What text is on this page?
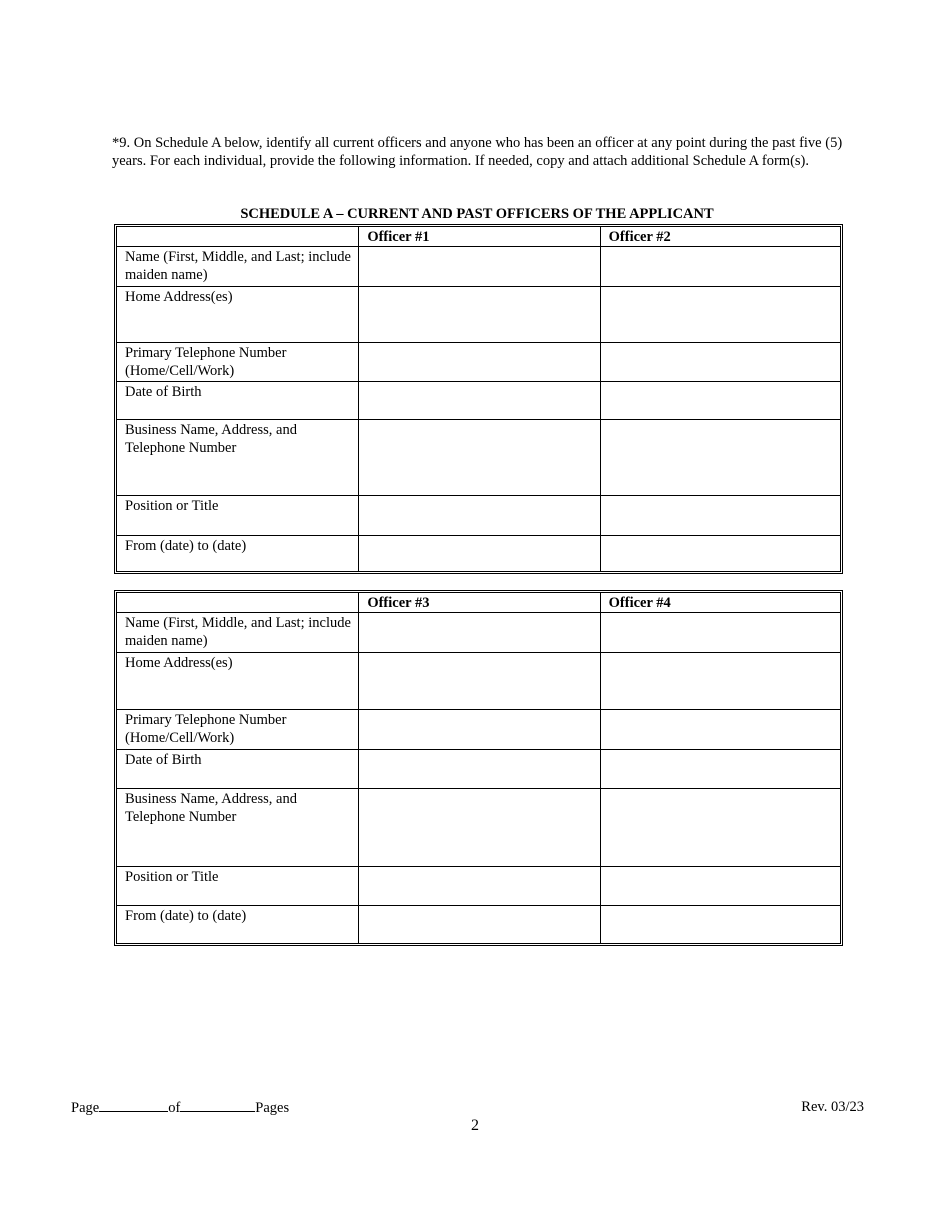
*9. On Schedule A below, identify all current officers and anyone who has been an officer at any point during the past five (5) years. For each individual, provide the following information. If needed, copy and attach additional Schedule A form(s).

SCHEDULE A – CURRENT AND PAST OFFICERS OF THE APPLICANT

	Officer #1	Officer #2
Name (First, Middle, and Last; include maiden name)		
Home Address(es)		
Primary Telephone Number (Home/Cell/Work)		
Date of Birth		
Business Name, Address, and Telephone Number		
Position or Title		
From (date) to (date)		
	Officer #3	Officer #4
Name (First, Middle, and Last; include maiden name)		
Home Address(es)		
Primary Telephone Number (Home/Cell/Work)		
Date of Birth		
Business Name, Address, and Telephone Number		
Position or Title		
From (date) to (date)		
Page	of	Pages	Rev. 03/23
2
